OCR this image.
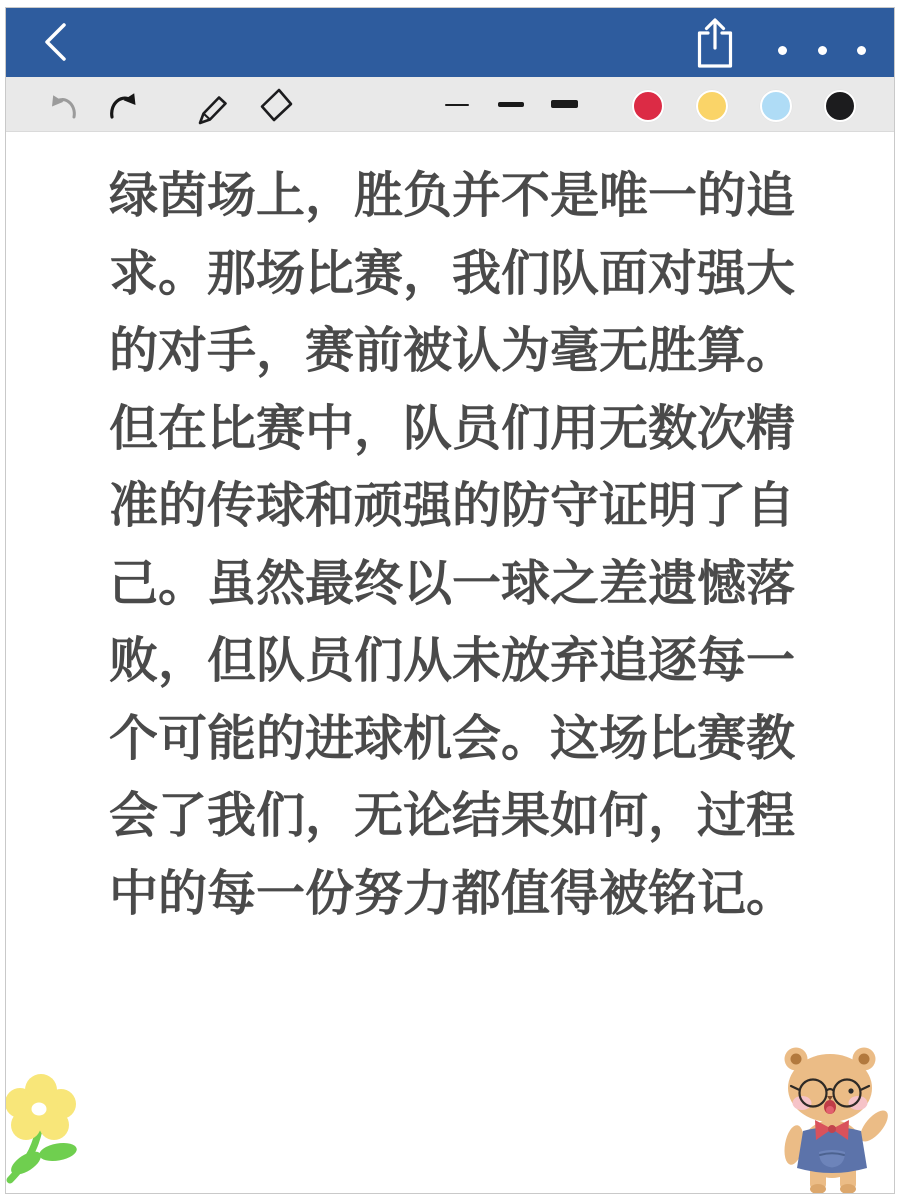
绿茵场上，胜负并不是唯一的追
求。那场比赛，我们队面对强大
的对手，赛前被认为毫无胜算。
但在比赛中，队员们用无数次精
准的传球和顽强的防守证明了自
己。虽然最终以一球之差遗憾落
败，但队员们从未放弃追逐每一
个可能的进球机会。这场比赛教
会了我们，无论结果如何，过程
中的每一份努力都值得被铭记。
